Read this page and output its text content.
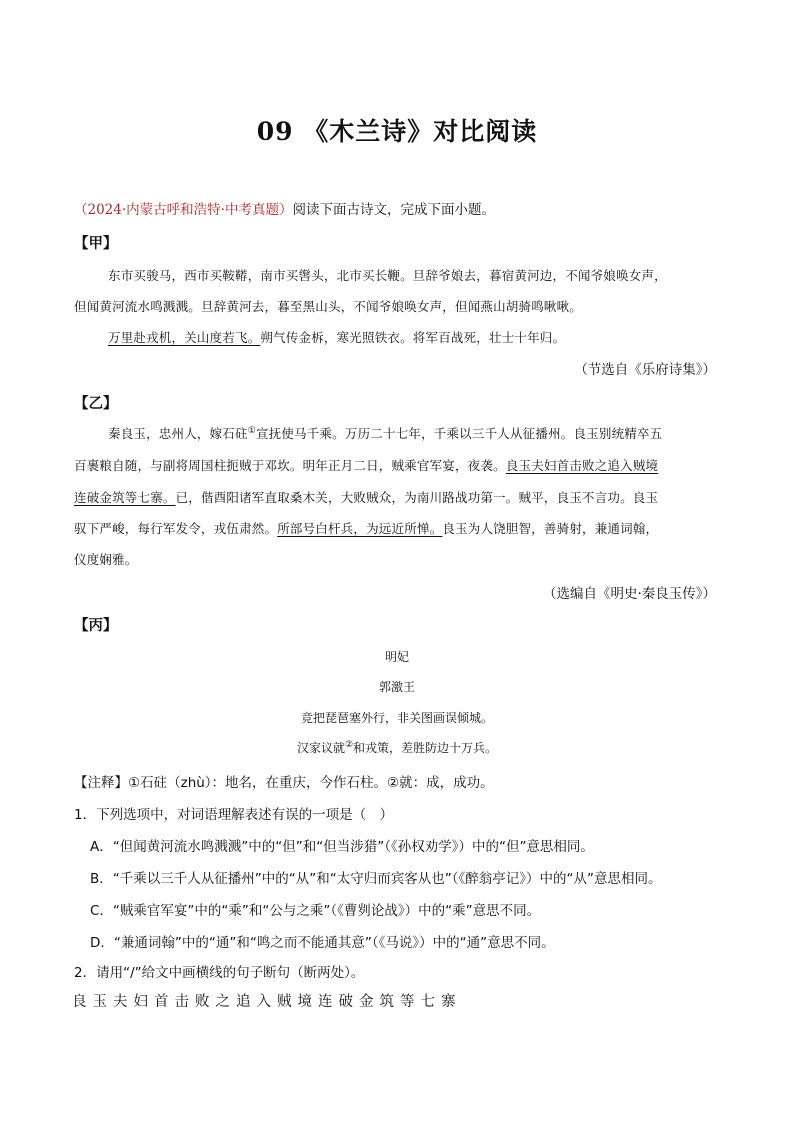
09 《木兰诗》对比阅读
（2024·内蒙古呼和浩特·中考真题）阅读下面古诗文，完成下面小题。
【甲】
东市买骏马，西市买鞍鞯，南市买辔头，北市买长鞭。旦辞爷娘去，暮宿黄河边，不闻爷娘唤女声，
但闻黄河流水鸣溅溅。旦辞黄河去，暮至黑山头，不闻爷娘唤女声，但闻燕山胡骑鸣啾啾。
万里赴戎机，关山度若飞。朔气传金柝，寒光照铁衣。将军百战死，壮士十年归。
（节选自《乐府诗集》）
【乙】
秦良玉，忠州人，嫁石砫①宣抚使马千乘。万历二十七年，千乘以三千人从征播州。良玉别统精卒五
百裹粮自随，与副将周国柱扼贼于邓坎。明年正月二日，贼乘官军宴，夜袭。良玉夫妇首击败之追入贼境
连破金筑等七寨。已，偕酉阳诸军直取桑木关，大败贼众，为南川路战功第一。贼平，良玉不言功。良玉
驭下严峻，每行军发令，戎伍肃然。所部号白杆兵，为远近所惮。良玉为人饶胆智，善骑射，兼通词翰，
仪度娴雅。
（选编自《明史·秦良玉传》）
【丙】
明妃
郭激王
竞把琵琶塞外行，非关图画误倾城。
汉家议就②和戎策，差胜防边十万兵。
【注释】①石砫（zhù）：地名，在重庆，今作石柱。②就：成，成功。
1．下列选项中，对词语理解表述有误的一项是（　）
A．“但闻黄河流水鸣溅溅”中的“但”和“但当涉猎”（《孙权劝学》）中的“但”意思相同。
B．“千乘以三千人从征播州”中的“从”和“太守归而宾客从也”（《醉翁亭记》）中的“从”意思相同。
C．“贼乘官军宴”中的“乘”和“公与之乘”（《曹刿论战》）中的“乘”意思不同。
D．“兼通词翰”中的“通”和“鸣之而不能通其意”（《马说》）中的“通”意思不同。
2．请用“/”给文中画横线的句子断句（断两处）。
良 玉 夫 妇 首 击 败 之 追 入 贼 境 连 破 金 筑 等 七 寨
